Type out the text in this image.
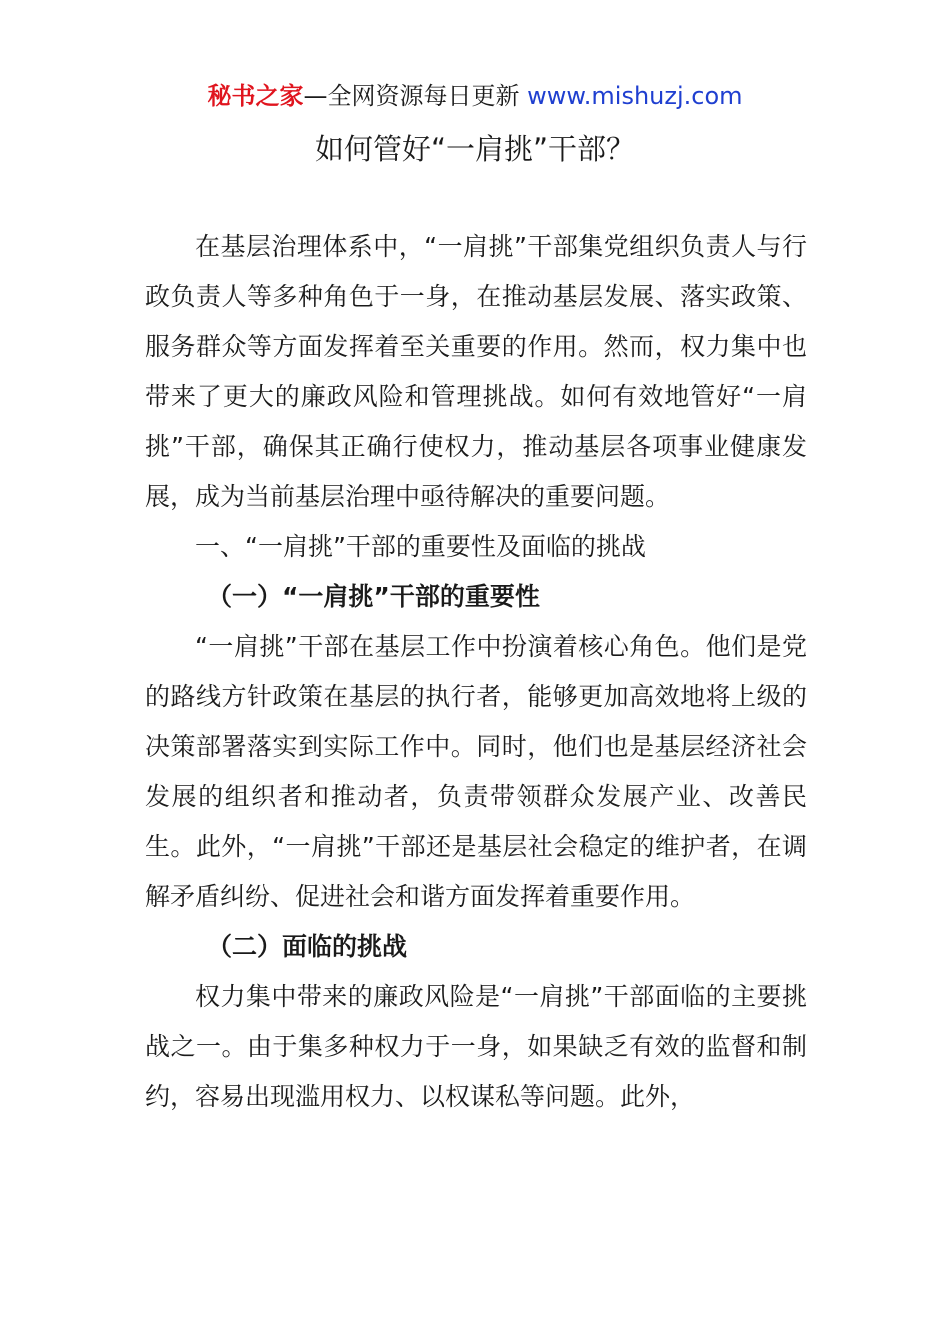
秘书之家—全网资源每日更新 www.mishuzj.com
如何管好“一肩挑”干部？

在基层治理体系中，“一肩挑”干部集党组织负责人与行政负责人等多种角色于一身，在推动基层发展、落实政策、服务群众等方面发挥着至关重要的作用。然而，权力集中也带来了更大的廉政风险和管理挑战。如何有效地管好“一肩挑”干部，确保其正确行使权力，推动基层各项事业健康发展，成为当前基层治理中亟待解决的重要问题。

一、“一肩挑”干部的重要性及面临的挑战

（一）“一肩挑”干部的重要性

“一肩挑”干部在基层工作中扮演着核心角色。他们是党的路线方针政策在基层的执行者，能够更加高效地将上级的决策部署落实到实际工作中。同时，他们也是基层经济社会发展的组织者和推动者，负责带领群众发展产业、改善民生。此外，“一肩挑”干部还是基层社会稳定的维护者，在调解矛盾纠纷、促进社会和谐方面发挥着重要作用。

（二）面临的挑战

权力集中带来的廉政风险是“一肩挑”干部面临的主要挑战之一。由于集多种权力于一身，如果缺乏有效的监督和制约，容易出现滥用权力、以权谋私等问题。此外，
